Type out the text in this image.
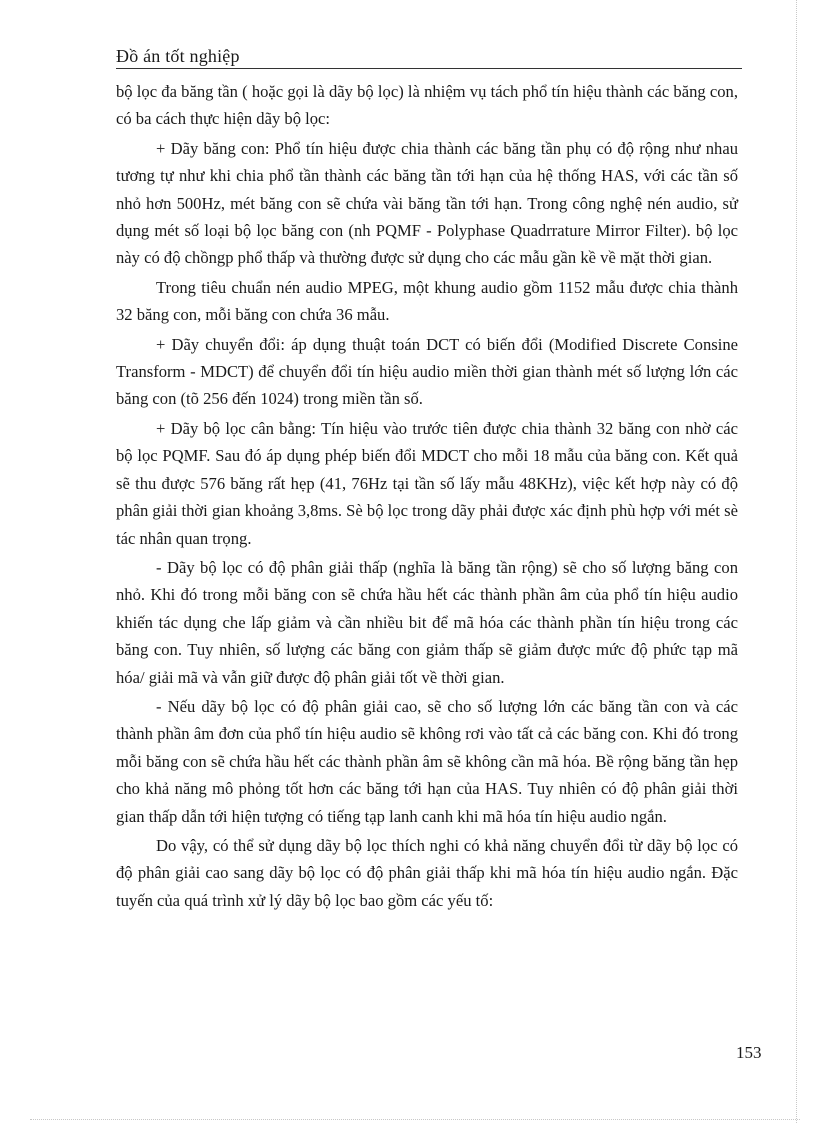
Đồ án tốt nghiệp

bộ lọc đa băng tần ( hoặc gọi là dãy bộ lọc) là nhiệm vụ tách phổ tín hiệu thành các băng con, có ba cách thực hiện dãy bộ lọc:

+ Dãy băng con: Phổ tín hiệu được chia thành các băng tần phụ có độ rộng như nhau tương tự như khi chia phổ tần thành các băng tần tới hạn của hệ thống HAS, với các tần số nhỏ hơn 500Hz, mét băng con sẽ chứa vài băng tần tới hạn. Trong công nghệ nén audio, sử dụng mét số loại bộ lọc băng con (nh PQMF - Polyphase Quadrrature Mirror Filter). bộ lọc này có độ chồngp phổ thấp và thường được sử dụng cho các mẫu gần kề về mặt thời gian.

Trong tiêu chuẩn nén audio MPEG, một khung audio gồm 1152 mẫu được chia thành 32 băng con, mỗi băng con chứa 36 mẫu.

+ Dãy chuyển đổi: áp dụng thuật toán DCT có biến đổi (Modified Discrete Consine Transform - MDCT) để chuyển đổi tín hiệu audio miền thời gian thành mét số lượng lớn các băng con (tõ 256 đến 1024) trong miền tần số.

+ Dãy bộ lọc cân bằng: Tín hiệu vào trước tiên được chia thành 32 băng con nhờ các bộ lọc PQMF. Sau đó áp dụng phép biến đổi MDCT cho mỗi 18 mẫu của băng con. Kết quả sẽ thu được 576 băng rất hẹp (41, 76Hz tại tần số lấy mẫu 48KHz), việc kết hợp này có độ phân giải thời gian khoảng 3,8ms. Sè bộ lọc trong dãy phải được xác định phù hợp với mét sè tác nhân quan trọng.

- Dãy bộ lọc có độ phân giải thấp (nghĩa là băng tần rộng) sẽ cho số lượng băng con nhỏ. Khi đó trong mỗi băng con sẽ chứa hầu hết các thành phần âm của phổ tín hiệu audio khiến tác dụng che lấp giảm và cần nhiều bit để mã hóa các thành phần tín hiệu trong các băng con. Tuy nhiên, số lượng các băng con giảm thấp sẽ giảm được mức độ phức tạp mã hóa/ giải mã và vẫn giữ được độ phân giải tốt về thời gian.

- Nếu dãy bộ lọc có độ phân giải cao, sẽ cho số lượng lớn các băng tần con và các thành phần âm đơn của phổ tín hiệu audio sẽ không rơi vào tất cả các băng con. Khi đó trong mỗi băng con sẽ chứa hầu hết các thành phần âm sẽ không cần mã hóa. Bề rộng băng tần hẹp cho khả năng mô phỏng tốt hơn các băng tới hạn của HAS. Tuy nhiên có độ phân giải thời gian thấp dẫn tới hiện tượng có tiếng tạp lanh canh khi mã hóa tín hiệu audio ngắn.

Do vậy, có thể sử dụng dãy bộ lọc thích nghi có khả năng chuyển đổi từ dãy bộ lọc có độ phân giải cao sang dãy bộ lọc có độ phân giải thấp khi mã hóa tín hiệu audio ngắn. Đặc tuyến của quá trình xử lý dãy bộ lọc bao gồm các yếu tố:

153
